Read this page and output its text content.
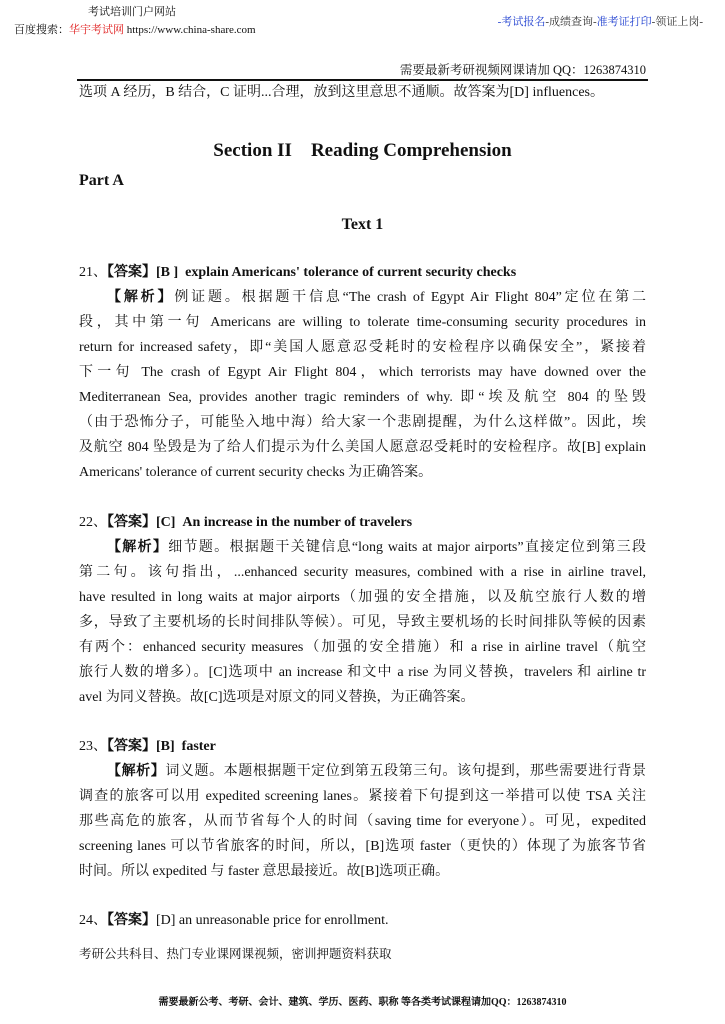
考试培训门户网站
百度搜索：华宇考试网 https://www.china-share.com
-考试报名-成绩查询-准考证打印-领证上岗-
需要最新考研视频网课请加 QQ：1263874310
选项 A 经历，B 结合，C 证明...合理，放到这里意思不通顺。故答案为[D] influences。
Section II    Reading Comprehension
Part A
Text 1
21、【答案】[B ]  explain Americans' tolerance of current security checks
【解析】例证题。根据题干信息“The crash of Egypt Air Flight 804”定位在第二
段，其中第一句 Americans are willing to tolerate time-consuming security procedures in
return for increased safety，即“美国人愿意忍受耗时的安检程序以确保安全”，紧接着
下一句 The crash of Egypt Air Flight 804，which terrorists may have downed over the
Mediterranean Sea, provides another tragic reminders of why. 即“埃及航空 804 的坠毁
（由于恐怖分子，可能坠入地中海）给大家一个悲剧提醒，为什么这样做”。因此，埃
及航空 804 坠毁是为了给人们提示为什么美国人愿意忍受耗时的安检程序。故[B] explain
Americans' tolerance of current security checks 为正确答案。
22、【答案】[C]  An increase in the number of travelers
【解析】细节题。根据题干关键信息“long waits at major airports”直接定位到第三段
第二句。该句指出，...enhanced security measures, combined with a rise in airline travel,
have resulted in long waits at major airports（加强的安全措施，以及航空旅行人数的增
多，导致了主要机场的长时间排队等候）。可见，导致主要机场的长时间排队等候的因素
有两个：enhanced security measures（加强的安全措施）和 a rise in airline travel（航空
旅行人数的增多）。[C]选项中 an increase 和文中 a rise 为同义替换，travelers 和 airline tr
avel 为同义替换。故[C]选项是对原文的同义替换，为正确答案。
23、【答案】[B]  faster
【解析】词义题。本题根据题干定位到第五段第三句。该句提到，那些需要进行背景
调查的旅客可以用 expedited screening lanes。紧接着下句提到这一举措可以使 TSA 关注
那些高危的旅客，从而节省每个人的时间（saving time for everyone）。可见，expedited
screening lanes 可以节省旅客的时间，所以，[B]选项 faster（更快的）体现了为旅客节省
时间。所以 expedited 与 faster 意思最接近。故[B]选项正确。
24、【答案】[D] an unreasonable price for enrollment.
考研公共科目、热门专业课网课视频，密训押题资料获取
需要最新公考、考研、会计、建筑、学历、医药、职称 等各类考试课程请加QQ：1263874310
